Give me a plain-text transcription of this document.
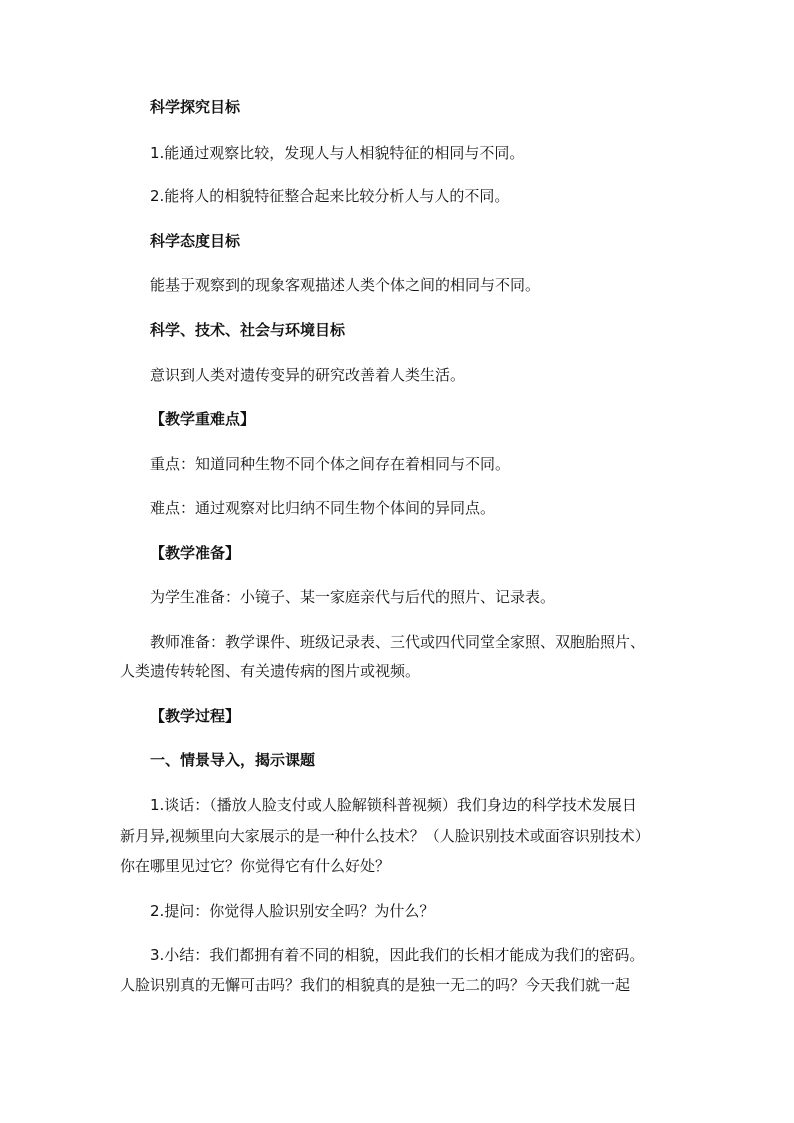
科学探究目标
1.能通过观察比较，发现人与人相貌特征的相同与不同。
2.能将人的相貌特征整合起来比较分析人与人的不同。
科学态度目标
能基于观察到的现象客观描述人类个体之间的相同与不同。
科学、技术、社会与环境目标
意识到人类对遗传变异的研究改善着人类生活。
【教学重难点】
重点：知道同种生物不同个体之间存在着相同与不同。
难点：通过观察对比归纳不同生物个体间的异同点。
【教学准备】
为学生准备：小镜子、某一家庭亲代与后代的照片、记录表。
教师准备：教学课件、班级记录表、三代或四代同堂全家照、双胞胎照片、
人类遗传转轮图、有关遗传病的图片或视频。
【教学过程】
一、情景导入，揭示课题
1.谈话：（播放人脸支付或人脸解锁科普视频）我们身边的科学技术发展日
新月异,视频里向大家展示的是一种什么技术？（人脸识别技术或面容识别技术）
你在哪里见过它？你觉得它有什么好处？
2.提问：你觉得人脸识别安全吗？为什么？
3.小结：我们都拥有着不同的相貌，因此我们的长相才能成为我们的密码。
人脸识别真的无懈可击吗？我们的相貌真的是独一无二的吗？今天我们就一起
